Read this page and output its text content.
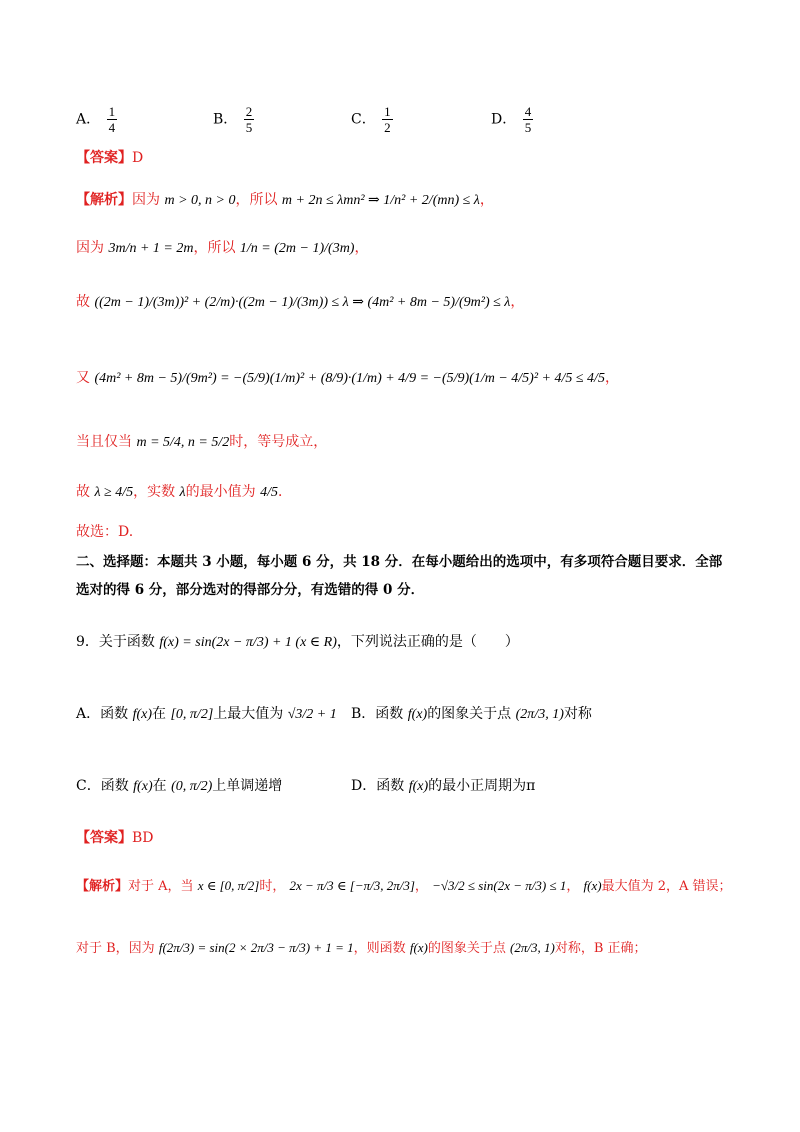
A． $\frac{1}{4}$	B． $\frac{2}{5}$	C． $\frac{1}{2}$	D． $\frac{4}{5}$
【答案】D
【解析】因为 m > 0, n > 0，所以 m + 2n ≤ λmn² ⇒ 1/n² + 2/(mn) ≤ λ，
因为 3m/n + 1 = 2m，所以 1/n = (2m − 1)/(3m)，
故 ((2m − 1)/(3m))² + (2/m)·((2m − 1)/(3m)) ≤ λ ⇒ (4m² + 8m − 5)/(9m²) ≤ λ，
又 (4m² + 8m − 5)/(9m²) = −(5/9)(1/m)² + (8/9)·(1/m) + 4/9 = −(5/9)(1/m − 4/5)² + 4/5 ≤ 4/5，
当且仅当 m = 5/4, n = 5/2时，等号成立，
故 λ ≥ 4/5，实数 λ的最小值为 4/5．
故选：D.
二、选择题：本题共 3 小题，每小题 6 分，共 18 分．在每小题给出的选项中，有多项符合题目要求．全部
选对的得 6 分，部分选对的得部分分，有选错的得 0 分．
9．关于函数 f(x) = sin(2x − π/3) + 1 (x ∈ R)，下列说法正确的是（　　）
A．函数 f(x)在 [0, π/2]上最大值为 √3/2 + 1 B．函数 f(x)的图象关于点 (2π/3, 1)对称
C．函数 f(x)在 (0, π/2)上单调递增	D．函数 f(x)的最小正周期为π
【答案】BD
【解析】对于 A，当 x ∈ [0, π/2]时， 2x − π/3 ∈ [−π/3, 2π/3]， −√3/2 ≤ sin(2x − π/3) ≤ 1， f(x)最大值为 2，A 错误；
对于 B，因为 f(2π/3) = sin(2 × 2π/3 − π/3) + 1 = 1，则函数 f(x)的图象关于点 (2π/3, 1)对称，B 正确；
